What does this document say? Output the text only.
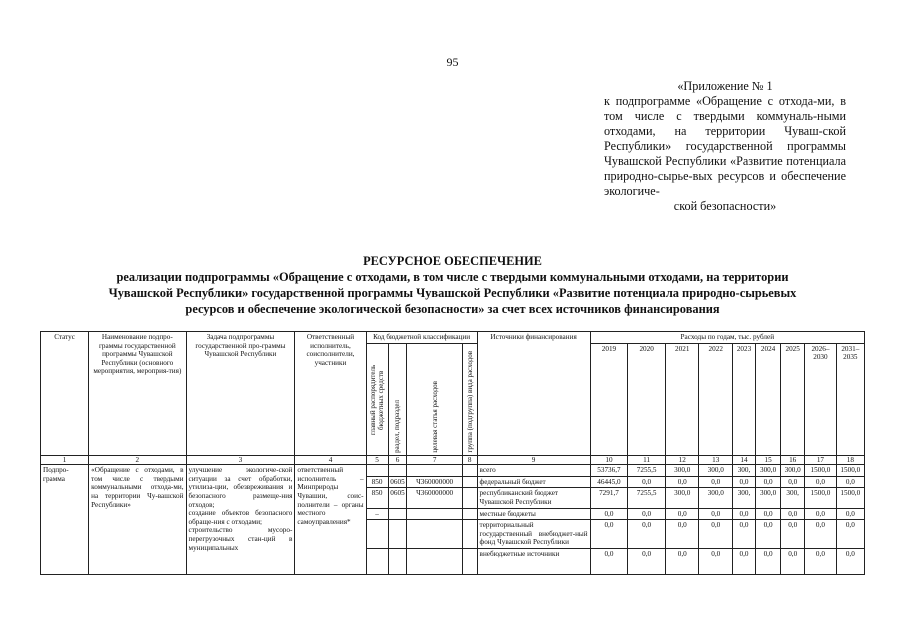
95
«Приложение № 1
к подпрограмме «Обращение с отхода-ми, в том числе с твердыми коммуналь-ными отходами, на территории Чуваш-ской Республики» государственной программы Чувашской Республики «Развитие потенциала природно-сырье-вых ресурсов и обеспечение экологиче-
ской безопасности»
РЕСУРСНОЕ ОБЕСПЕЧЕНИЕ
реализации подпрограммы «Обращение с отходами, в том числе с твердыми коммунальными отходами, на территории
Чувашской Республики» государственной программы Чувашской Республики «Развитие потенциала природно-сырьевых
ресурсов и обеспечение экологической безопасности» за счет всех источников финансирования
Статус	Наименование подпро-граммы государственной программы Чувашской Республики (основного мероприятия, мероприя-тия)	Задача подпрограммы государственной про-граммы Чувашской Республики	Ответственный исполнитель, соисполнители, участники	Код бюджетной классификации				Источники финансирования	Расходы по годам, тыс. рублей								

				главный распорядитель бюджетных средств	раздел, подраздел	целевая статья расходов	группа (подгруппа) вида расходов		2019	2020	2021	2022	2023	2024	2025	2026–2030	2031–2035

1	2	3	4	5	6	7	8	9	10	11	12	13	14	15	16	17	18
Подпро-грамма	«Обращение с отходами, в том числе с твердыми коммунальными отхода-ми, на территории Чу-вашской Республики»	улучшение экологиче-ской ситуации за счет обработки, утилиза-ции, обезвреживания и безопасного размеще-ния отходов;
создание объектов безопасного обраще-ния с отходами;
строительство мусоро-перегрузочных стан-ций в муниципальных	ответственный исполнитель – Минприроды Чувашии, соис-полнители – органы местного самоуправления*					всего	53736,7	7255,5	300,0	300,0	300,	300,0	300,0	1500,0	1500,0
				850	0605	Ч360000000		федеральный бюджет	46445,0	0,0	0,0	0,0	0,0	0,0	0,0	0,0	0,0
				850	0605	Ч360000000		республиканский бюджет Чувашской Республики	7291,7	7255,5	300,0	300,0	300,	300,0	300,	1500,0	1500,0
				–				местные бюджеты	0,0	0,0	0,0	0,0	0,0	0,0	0,0	0,0	0,0
								территориальный государственный внебюджет-ный фонд Чувашской Республики	0,0	0,0	0,0	0,0	0,0	0,0	0,0	0,0	0,0
								внебюджетные источники	0,0	0,0	0,0	0,0	0,0	0,0	0,0	0,0	0,0
